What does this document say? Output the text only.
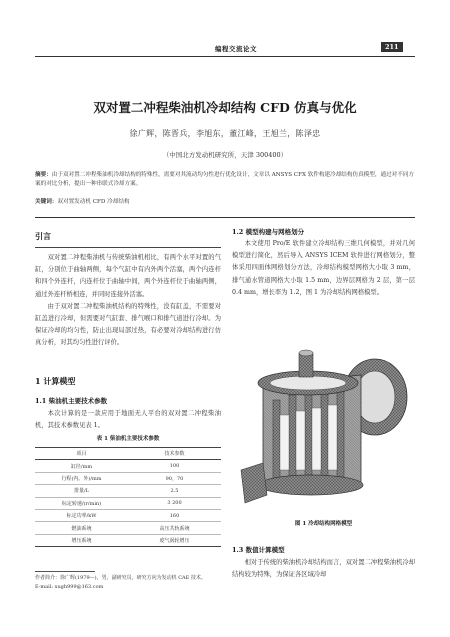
编程交流论文	211
双对置二冲程柴油机冷却结构 CFD 仿真与优化
徐广辉，陈晋兵，李旭东，董江峰，王旭兰，陈泽忠
（中国北方发动机研究所，天津 300400）
摘要：由于双对置二冲程柴油机冷却结构的特殊性，需要对其流动均匀性进行优化设计，文章以 ANSYS CFX 软件构建冷却结构仿真模型，通过对不同方案的对比分析，提出一种串联式冷却方案。
关键词：双对置发动机 CFD 冷却结构
引言

双对置二冲程柴油机与传统柴油机相比，有两个水平对置的气缸，分别位于曲轴两侧，每个气缸中有内外两个活塞，两个内连杆和四个外连杆，内连杆位于曲轴中间，两个外连杆位于曲轴两侧，通过外连杆桥相连，并同时连接外活塞。

由于双对置二冲程柴油机结构的特殊性，没有缸盖，不需要对缸盖进行冷却，但需要对气缸套、排气喉口和排气道进行冷却。为保证冷却的均匀性，防止出现局部过热，有必要对冷却结构进行仿真分析，对其均匀性进行评价。

1 计算模型
1.1 柴油机主要技术参数

本次计算的是一款应用于地面无人平台的双对置二冲程柴油机，其技术参数见表 1。

表 1 柴油机主要技术参数
项目	技术参数
缸径/mm	100
行程(内、外)/mm	90，70
排量/L	2.5
标定转速/(r/min)	3 200
标定功率/kW	160
燃油系统	高压共轨系统
增压系统	废气涡轮增压
作者简介：徐广辉(1979—)，男，副研究员，研究方向为发动机 CAE 技术。
E-mail: xugh999@163.com
1.2 模型构建与网格划分

本文使用 Pro/E 软件建立冷却结构三维几何模型，并对几何模型进行简化，然后导入 ANSYS ICEM 软件进行网格划分，整体采用四面体网格划分方法，冷却结构模型网格大小取 3 mm，排气通水管道网格大小取 1.5 mm，边界层网格为 2 层，第一层 0.4 mm，增长率为 1.2，图 1 为冷却结构网格模型。

图 1 冷却结构网格模型
1.3 数值计算模型

相对于传统的柴油机冷却结构而言，双对置二冲程柴油机冷却结构较为特殊，为保证各区域冷却
